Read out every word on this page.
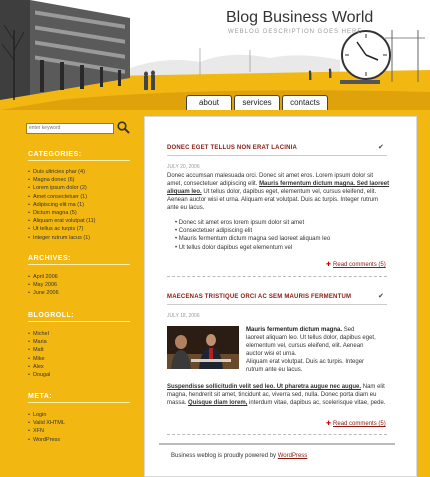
Blog Business World
WEBLOG DESCRIPTION GOES HERE
about	services	contacts
enter keyword
CATEGORIES:
• Duis ultricies phar (4)
• Magna donec (6)
• Lorem ipsum dolor (2)
• Amet consectetuer (1)
• Adipiscing elit ma (1)
• Dictum magna (5)
• Aliquam erat volutpat (11)
• Ut tellus ac turpis (7)
• Integer rutrum lacus (1)
ARCHIVES:
• April 2006
• May 2006
• June 2006
BLOGROLL:
• Michel
• Maria
• Matt
• Mike
• Alex
• Dougal
META:
• Login
• Valid XHTML
• XFN
• WordPress
DONEC EGET TELLUS NON ERAT LACINIA	✔
JULY 20, 2006
Donec accumsan malesuada orci. Donec sit amet eros. Lorem ipsum dolor sit
amet, consectetuer adipiscing elit. Mauris fermentum dictum magna. Sed laoreet
aliquam leo. Ut tellus dolor, dapibus eget, elementum vel, cursus eleifend, elit.
Aenean auctor wisi et urna. Aliquam erat volutpat. Duis ac turpis. Integer rutrum
ante eu lacus.
• Donec sit amet eros lorem ipsum dolor sit amet
• Consectetuer adipiscing elit
• Mauris fermentum dictum magna sed laoreet aliquam leo
• Ut tellus dolor dapibus eget elementum vel
✚ Read comments (5)
MAECENAS TRISTIQUE ORCI AC SEM MAURIS FERMENTUM	✔
JULY 18, 2006
Mauris fermentum dictum magna. Sed
laoreet aliquam leo. Ut tellus dolor, dapibus eget,
elementum vel, cursus eleifend, elit. Aenean
auctor wisi et urna.
Aliquam erat volutpat. Duis ac turpis. Integer
rutrum ante eu lacus.
Suspendisse sollicitudin velit sed leo. Ut pharetra augue nec augue. Nam elit
magna, hendrerit sit amet, tincidunt ac, viverra sed, nulla. Donec porta diam eu
massa. Quisque diam lorem, interdum vitae, dapibus ac, scelerisque vitae, pede.
✚ Read comments (5)
Business weblog is proudly powered by WordPress
